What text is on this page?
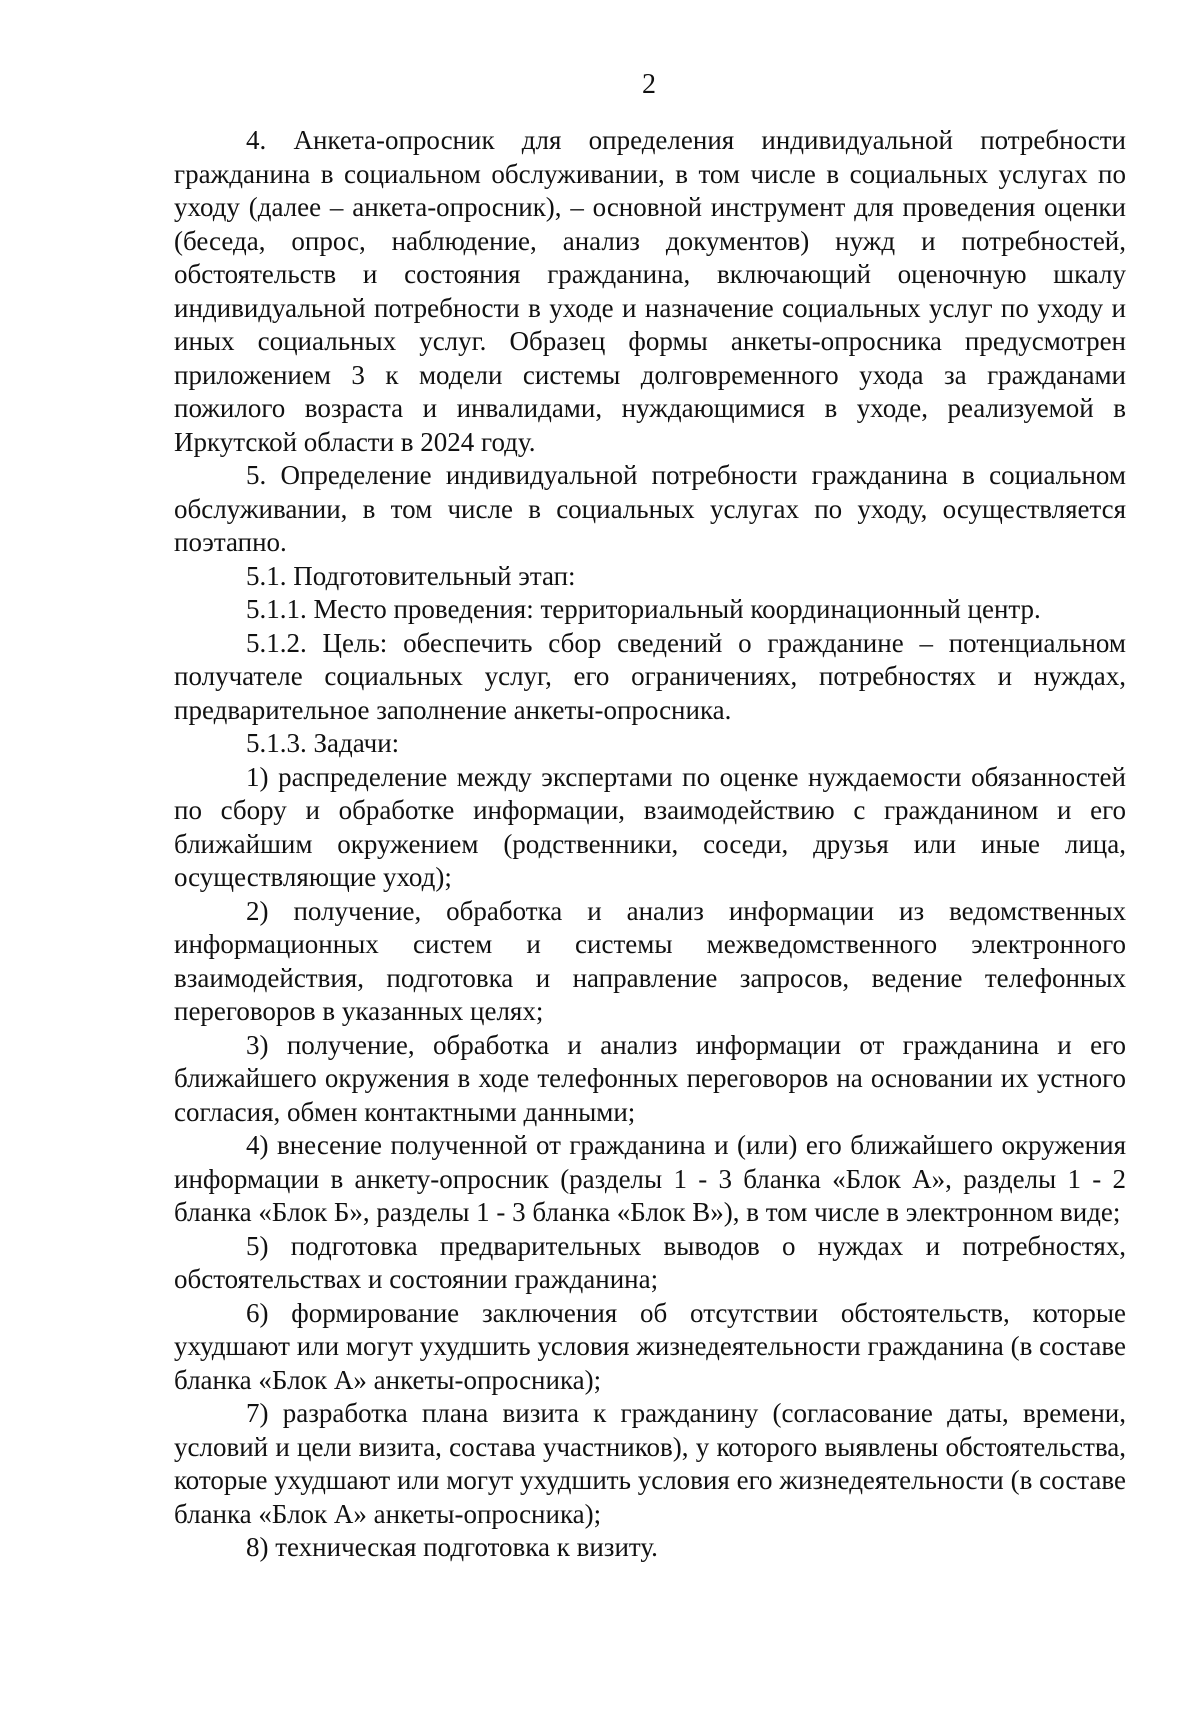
2

4. Анкета-опросник для определения индивидуальной потребности гражданина в социальном обслуживании, в том числе в социальных услугах по уходу (далее – анкета-опросник), – основной инструмент для проведения оценки (беседа, опрос, наблюдение, анализ документов) нужд и потребностей, обстоятельств и состояния гражданина, включающий оценочную шкалу индивидуальной потребности в уходе и назначение социальных услуг по уходу и иных социальных услуг. Образец формы анкеты-опросника предусмотрен приложением 3 к модели системы долговременного ухода за гражданами пожилого возраста и инвалидами, нуждающимися в уходе, реализуемой в Иркутской области в 2024 году.

5. Определение индивидуальной потребности гражданина в социальном обслуживании, в том числе в социальных услугах по уходу, осуществляется поэтапно.

5.1. Подготовительный этап:

5.1.1. Место проведения: территориальный координационный центр.

5.1.2. Цель: обеспечить сбор сведений о гражданине – потенциальном получателе социальных услуг, его ограничениях, потребностях и нуждах, предварительное заполнение анкеты-опросника.

5.1.3. Задачи:

1) распределение между экспертами по оценке нуждаемости обязанностей по сбору и обработке информации, взаимодействию с гражданином и его ближайшим окружением (родственники, соседи, друзья или иные лица, осуществляющие уход);

2) получение, обработка и анализ информации из ведомственных информационных систем и системы межведомственного электронного взаимодействия, подготовка и направление запросов, ведение телефонных переговоров в указанных целях;

3) получение, обработка и анализ информации от гражданина и его ближайшего окружения в ходе телефонных переговоров на основании их устного согласия, обмен контактными данными;

4) внесение полученной от гражданина и (или) его ближайшего окружения информации в анкету-опросник (разделы 1 - 3 бланка «Блок А», разделы 1 - 2 бланка «Блок Б», разделы 1 - 3 бланка «Блок В»), в том числе в электронном виде;

5) подготовка предварительных выводов о нуждах и потребностях, обстоятельствах и состоянии гражданина;

6) формирование заключения об отсутствии обстоятельств, которые ухудшают или могут ухудшить условия жизнедеятельности гражданина (в составе бланка «Блок А» анкеты-опросника);

7) разработка плана визита к гражданину (согласование даты, времени, условий и цели визита, состава участников), у которого выявлены обстоятельства, которые ухудшают или могут ухудшить условия его жизнедеятельности (в составе бланка «Блок А» анкеты-опросника);

8) техническая подготовка к визиту.
